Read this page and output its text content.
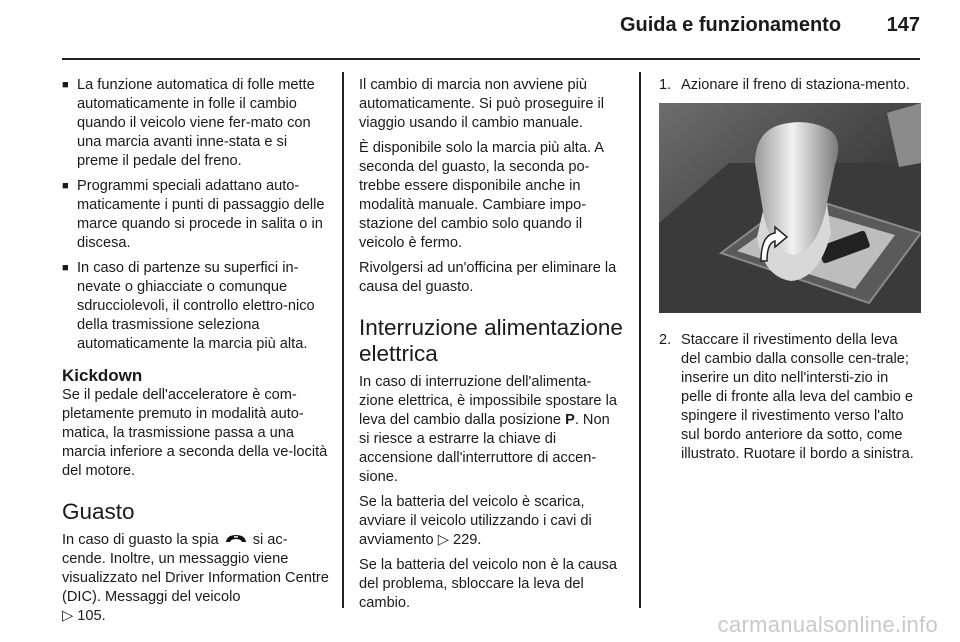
Guida e funzionamento 147
■ La funzione automatica di folle mette automaticamente in folle il cambio quando il veicolo viene fer-mato con una marcia avanti inne-stata e si preme il pedale del freno.
■ Programmi speciali adattano auto-maticamente i punti di passaggio delle marce quando si procede in salita o in discesa.
■ In caso di partenze su superfici in-nevate o ghiacciate o comunque sdrucciolevoli, il controllo elettro-nico della trasmissione seleziona automaticamente la marcia più alta.
Kickdown

Se il pedale dell'acceleratore è com-pletamente premuto in modalità auto-matica, la trasmissione passa a una marcia inferiore a seconda della ve-locità del motore.

Guasto

In caso di guasto la spia si ac-cende. Inoltre, un messaggio viene visualizzato nel Driver Information Centre (DIC). Messaggi del veicolo
▷ 105.

Il cambio di marcia non avviene più automaticamente. Si può proseguire il viaggio usando il cambio manuale.

È disponibile solo la marcia più alta. A seconda del guasto, la seconda po-trebbe essere disponibile anche in modalità manuale. Cambiare impo-stazione del cambio solo quando il veicolo è fermo.

Rivolgersi ad un'officina per eliminare la causa del guasto.

Interruzione alimentazione elettrica

In caso di interruzione dell'alimenta-zione elettrica, è impossibile spostare la leva del cambio dalla posizione P. Non si riesce a estrarre la chiave di accensione dall'interruttore di accen-sione.

Se la batteria del veicolo è scarica, avviare il veicolo utilizzando i cavi di avviamento ▷ 229.

Se la batteria del veicolo non è la causa del problema, sbloccare la leva del cambio.

1. Azionare il freno di staziona-mento.
2. Staccare il rivestimento della leva del cambio dalla consolle cen-trale; inserire un dito nell'intersti-zio in pelle di fronte alla leva del cambio e spingere il rivestimento verso l'alto sul bordo anteriore da sotto, come illustrato. Ruotare il bordo a sinistra.
carmanualsonline.info
